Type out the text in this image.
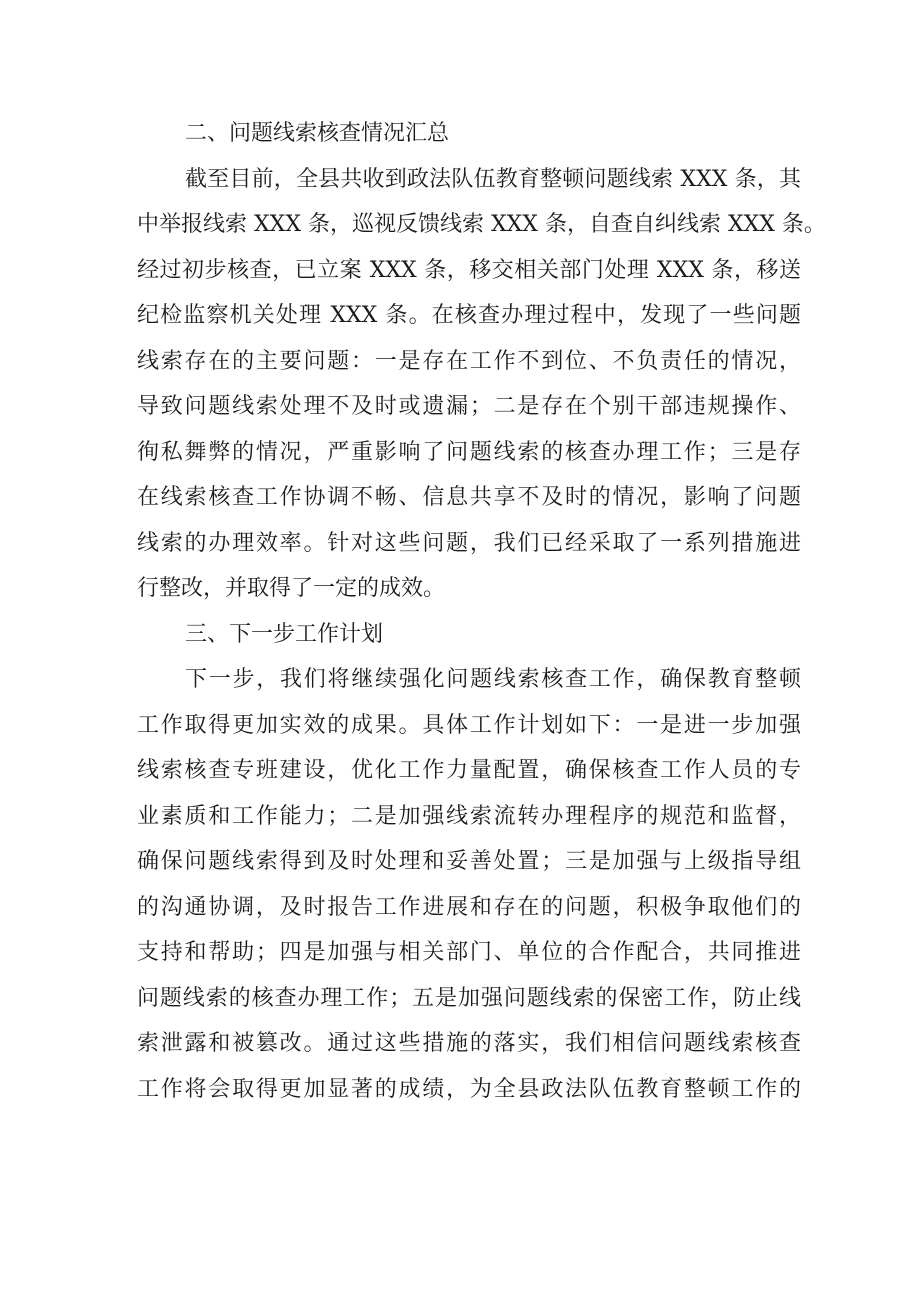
二、问题线索核查情况汇总
截至目前，全县共收到政法队伍教育整顿问题线索 XXX 条，其
中举报线索 XXX 条，巡视反馈线索 XXX 条，自查自纠线索 XXX 条。
经过初步核查，已立案 XXX 条，移交相关部门处理 XXX 条，移送
纪检监察机关处理 XXX 条。在核查办理过程中，发现了一些问题
线索存在的主要问题：一是存在工作不到位、不负责任的情况，
导致问题线索处理不及时或遗漏；二是存在个别干部违规操作、
徇私舞弊的情况，严重影响了问题线索的核查办理工作；三是存
在线索核查工作协调不畅、信息共享不及时的情况，影响了问题
线索的办理效率。针对这些问题，我们已经采取了一系列措施进
行整改，并取得了一定的成效。
三、下一步工作计划
下一步，我们将继续强化问题线索核查工作，确保教育整顿
工作取得更加实效的成果。具体工作计划如下：一是进一步加强
线索核查专班建设，优化工作力量配置，确保核查工作人员的专
业素质和工作能力；二是加强线索流转办理程序的规范和监督，
确保问题线索得到及时处理和妥善处置；三是加强与上级指导组
的沟通协调，及时报告工作进展和存在的问题，积极争取他们的
支持和帮助；四是加强与相关部门、单位的合作配合，共同推进
问题线索的核查办理工作；五是加强问题线索的保密工作，防止线
索泄露和被篡改。通过这些措施的落实，我们相信问题线索核查
工作将会取得更加显著的成绩，为全县政法队伍教育整顿工作的
